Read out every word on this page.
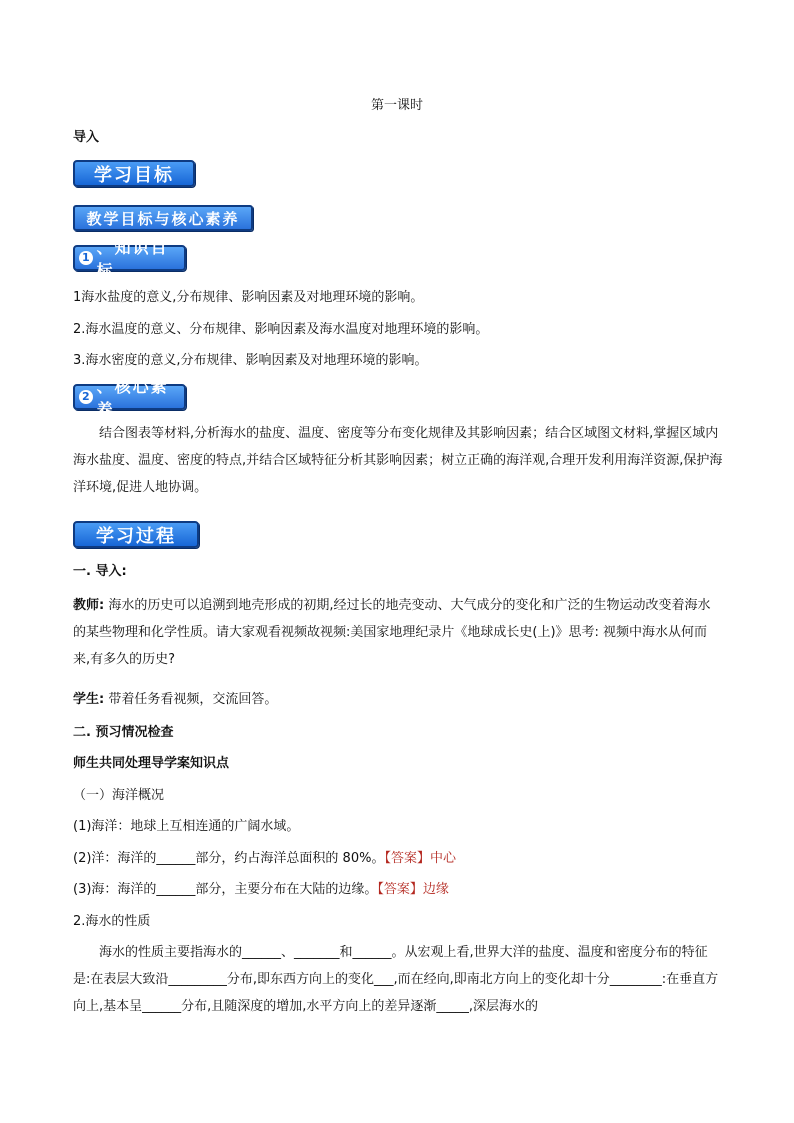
第一课时
导入
学习目标
教学目标与核心素养
1
、知识目标
1海水盐度的意义,分布规律、影响因素及对地理环境的影响。
2.海水温度的意义、分布规律、影响因素及海水温度对地理环境的影响。
3.海水密度的意义,分布规律、影响因素及对地理环境的影响。
2
、核心素养
结合图表等材料,分析海水的盐度、温度、密度等分布变化规律及其影响因素；结合区域图文材料,掌握区域内海水盐度、温度、密度的特点,并结合区域特征分析其影响因素；树立正确的海洋观,合理开发利用海洋资源,保护海洋环境,促进人地协调。
学习过程
一. 导入:
教师: 海水的历史可以追溯到地壳形成的初期,经过长的地壳变动、大气成分的变化和广泛的生物运动改变着海水的某些物理和化学性质。请大家观看视频故视频:美国家地理纪录片《地球成长史(上)》思考: 视频中海水从何而来,有多久的历史?
学生: 带着任务看视频，交流回答。
二. 预习情况检查
师生共同处理导学案知识点
（一）海洋概况
(1)海洋：地球上互相连通的广阔水域。
(2)洋：海洋的______部分，约占海洋总面积的 80%。【答案】中心
(3)海：海洋的______部分，主要分布在大陆的边缘。【答案】边缘
2.海水的性质
海水的性质主要指海水的______、_______和______。从宏观上看,世界大洋的盐度、温度和密度分布的特征是:在表层大致沿_________分布,即东西方向上的变化___,而在经向,即南北方向上的变化却十分________:在垂直方向上,基本呈______分布,且随深度的增加,水平方向上的差异逐渐_____,深层海水的
